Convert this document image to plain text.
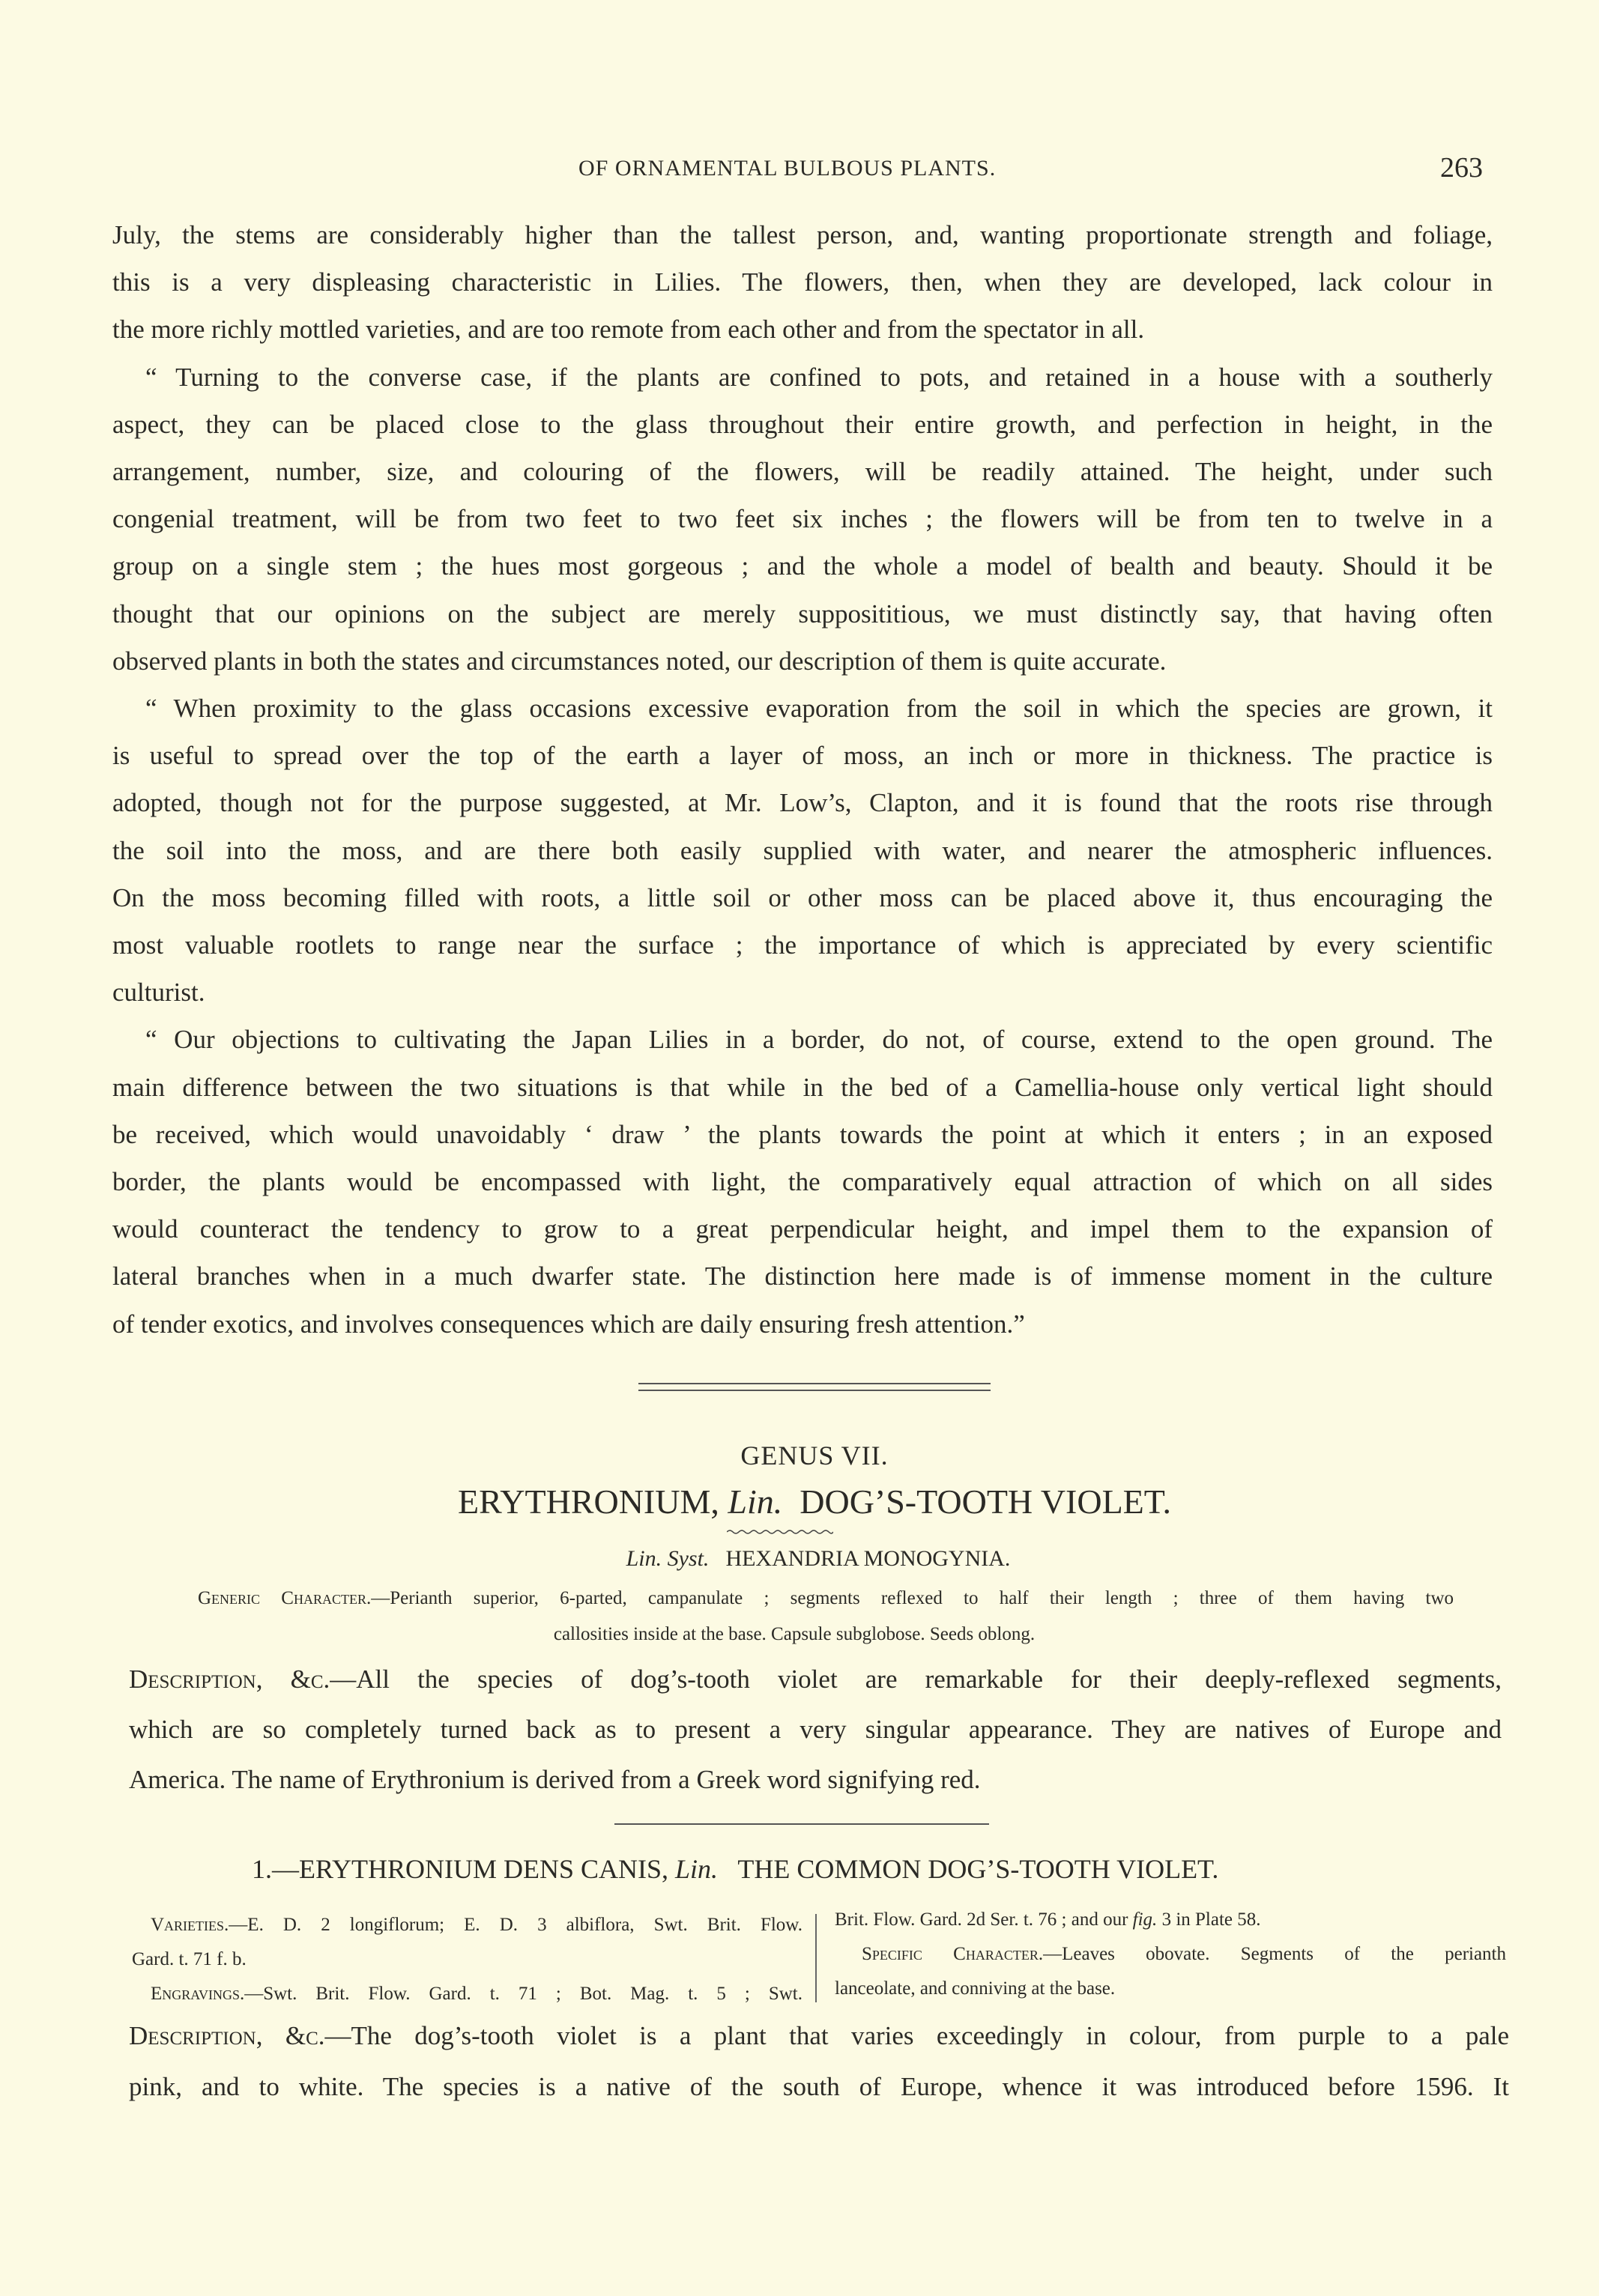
OF ORNAMENTAL BULBOUS PLANTS.	263
July, the stems are considerably higher than the tallest person, and, wanting proportionate strength and foliage,
this is a very displeasing characteristic in Lilies. The flowers, then, when they are developed, lack colour in
the more richly mottled varieties, and are too remote from each other and from the spectator in all.
“ Turning to the converse case, if the plants are confined to pots, and retained in a house with a southerly
aspect, they can be placed close to the glass throughout their entire growth, and perfection in height, in the
arrangement, number, size, and colouring of the flowers, will be readily attained. The height, under such
congenial treatment, will be from two feet to two feet six inches ; the flowers will be from ten to twelve in a
group on a single stem ; the hues most gorgeous ; and the whole a model of bealth and beauty. Should it be
thought that our opinions on the subject are merely supposititious, we must distinctly say, that having often
observed plants in both the states and circumstances noted, our description of them is quite accurate.
“ When proximity to the glass occasions excessive evaporation from the soil in which the species are grown, it
is useful to spread over the top of the earth a layer of moss, an inch or more in thickness. The practice is
adopted, though not for the purpose suggested, at Mr. Low’s, Clapton, and it is found that the roots rise through
the soil into the moss, and are there both easily supplied with water, and nearer the atmospheric influences.
On the moss becoming filled with roots, a little soil or other moss can be placed above it, thus encouraging the
most valuable rootlets to range near the surface ; the importance of which is appreciated by every scientific
culturist.
“ Our objections to cultivating the Japan Lilies in a border, do not, of course, extend to the open ground. The
main difference between the two situations is that while in the bed of a Camellia-house only vertical light should
be received, which would unavoidably ‘ draw ’ the plants towards the point at which it enters ; in an exposed
border, the plants would be encompassed with light, the comparatively equal attraction of which on all sides
would counteract the tendency to grow to a great perpendicular height, and impel them to the expansion of
lateral branches when in a much dwarfer state. The distinction here made is of immense moment in the culture
of tender exotics, and involves consequences which are daily ensuring fresh attention.”
GENUS VII.
ERYTHRONIUM, Lin. DOG’S-TOOTH VIOLET.
Lin. Syst. HEXANDRIA MONOGYNIA.
Generic Character.—Perianth superior, 6-parted, campanulate ; segments reflexed to half their length ; three of them having two
callosities inside at the base. Capsule subglobose. Seeds oblong.
Description, &c.—All the species of dog’s-tooth violet are remarkable for their deeply-reflexed segments,
which are so completely turned back as to present a very singular appearance. They are natives of Europe and
America. The name of Erythronium is derived from a Greek word signifying red.
1.—ERYTHRONIUM DENS CANIS, Lin. THE COMMON DOG’S-TOOTH VIOLET.
Varieties.—E. D. 2 longiflorum; E. D. 3 albiflora, Swt. Brit. Flow.
Gard. t. 71 f. b.
Engravings.—Swt. Brit. Flow. Gard. t. 71 ; Bot. Mag. t. 5 ; Swt.
Brit. Flow. Gard. 2d Ser. t. 76 ; and our fig. 3 in Plate 58.
Specific Character.—Leaves obovate. Segments of the perianth
lanceolate, and conniving at the base.
Description, &c.—The dog’s-tooth violet is a plant that varies exceedingly in colour, from purple to a pale
pink, and to white. The species is a native of the south of Europe, whence it was introduced before 1596. It
